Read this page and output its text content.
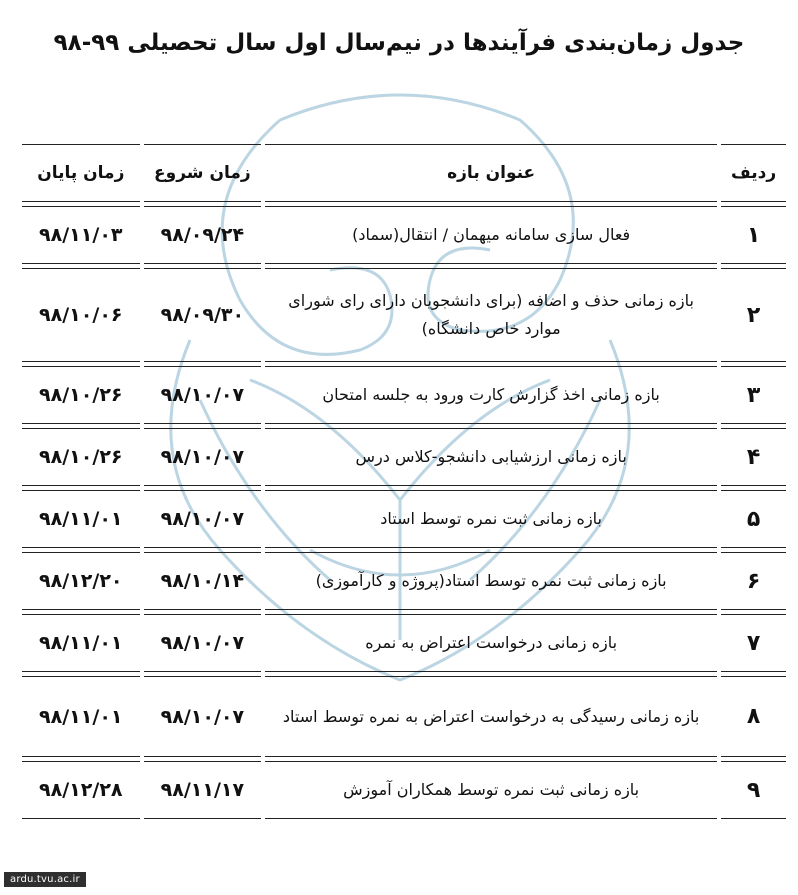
جدول زمان‌بندی فرآیندها در نیم‌سال اول سال تحصیلی ۹۹-۹۸
ردیف	عنوان بازه	زمان شروع	زمان پایان
۱	فعال سازی سامانه میهمان / انتقال(سماد)	۹۸/۰۹/۲۴	۹۸/۱۱/۰۳
۲	بازه زمانی حذف و اضافه (برای دانشجویان دارای رای شورای موارد خاص دانشگاه)	۹۸/۰۹/۳۰	۹۸/۱۰/۰۶
۳	بازه زمانی اخذ گزارش کارت ورود به جلسه امتحان	۹۸/۱۰/۰۷	۹۸/۱۰/۲۶
۴	بازه زمانی ارزشیابی دانشجو-کلاس درس	۹۸/۱۰/۰۷	۹۸/۱۰/۲۶
۵	بازه زمانی ثبت نمره توسط استاد	۹۸/۱۰/۰۷	۹۸/۱۱/۰۱
۶	بازه زمانی ثبت نمره توسط استاد(پروژه و کارآموزی)	۹۸/۱۰/۱۴	۹۸/۱۲/۲۰
۷	بازه زمانی درخواست اعتراض به نمره	۹۸/۱۰/۰۷	۹۸/۱۱/۰۱
۸	بازه زمانی رسیدگی به درخواست اعتراض به نمره توسط استاد	۹۸/۱۰/۰۷	۹۸/۱۱/۰۱
۹	بازه زمانی ثبت نمره توسط همکاران آموزش	۹۸/۱۱/۱۷	۹۸/۱۲/۲۸
ardu.tvu.ac.ir
